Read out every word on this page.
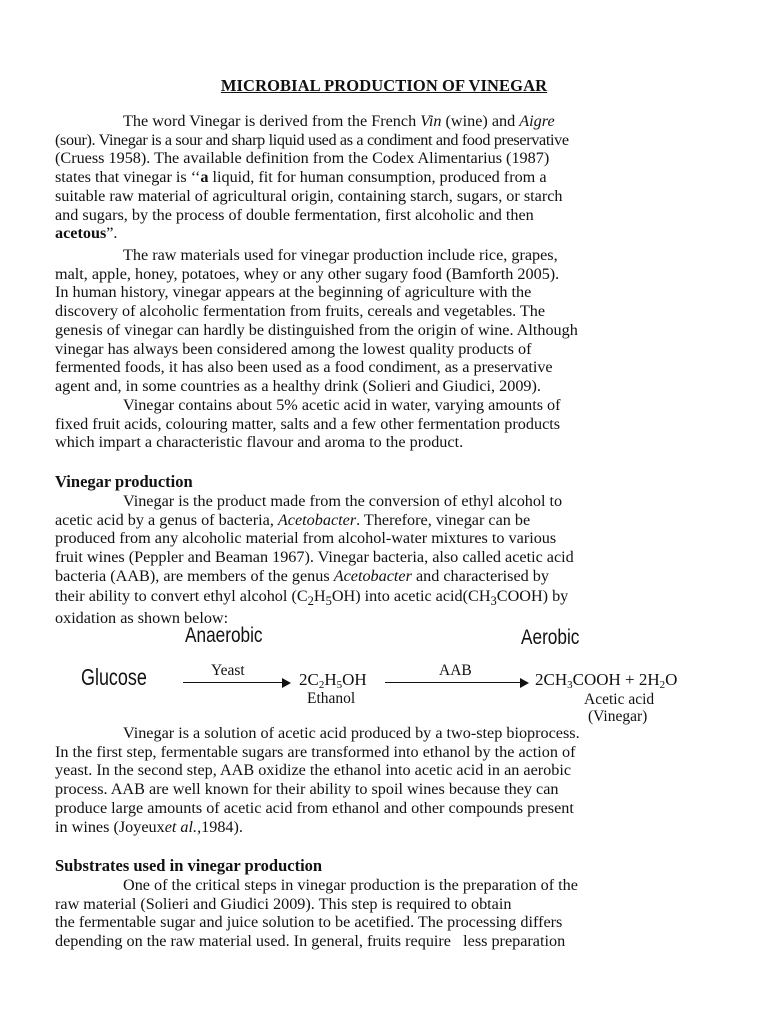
MICROBIAL PRODUCTION OF VINEGAR
The word Vinegar is derived from the French Vin (wine) and Aigre
(sour). Vinegar is a sour and sharp liquid used as a condiment and food preservative
(Cruess 1958). The available definition from the Codex Alimentarius (1987)
states that vinegar is ‘‘a liquid, fit for human consumption, produced from a
suitable raw material of agricultural origin, containing starch, sugars, or starch
and sugars, by the process of double fermentation, first alcoholic and then
acetous”.
The raw materials used for vinegar production include rice, grapes,
malt, apple, honey, potatoes, whey or any other sugary food (Bamforth 2005).
In human history, vinegar appears at the beginning of agriculture with the
discovery of alcoholic fermentation from fruits, cereals and vegetables. The
genesis of vinegar can hardly be distinguished from the origin of wine. Although
vinegar has always been considered among the lowest quality products of
fermented foods, it has also been used as a food condiment, as a preservative
agent and, in some countries as a healthy drink (Solieri and Giudici, 2009).
Vinegar contains about 5% acetic acid in water, varying amounts of
fixed fruit acids, colouring matter, salts and a few other fermentation products
which impart a characteristic flavour and aroma to the product.
Vinegar production
Vinegar is the product made from the conversion of ethyl alcohol to
acetic acid by a genus of bacteria, Acetobacter. Therefore, vinegar can be
produced from any alcoholic material from alcohol-water mixtures to various
fruit wines (Peppler and Beaman 1967). Vinegar bacteria, also called acetic acid
bacteria (AAB), are members of the genus Acetobacter and characterised by
their ability to convert ethyl alcohol $(C_2H_5OH)$ into acetic $acid(CH_3COOH)$ by
oxidation as shown below:
Anaerobic	Aerobic
Glucose	Yeast	$2C_2H_5OH$
Ethanol
AAB	$2CH_3COOH + 2H_2O$
Acetic acid
(Vinegar)
Vinegar is a solution of acetic acid produced by a two-step bioprocess.
In the first step, fermentable sugars are transformed into ethanol by the action of
yeast. In the second step, AAB oxidize the ethanol into acetic acid in an aerobic
process. AAB are well known for their ability to spoil wines because they can
produce large amounts of acetic acid from ethanol and other compounds present
in wines (Joyeuxet al.,1984).
Substrates used in vinegar production
One of the critical steps in vinegar production is the preparation of the
raw material (Solieri and Giudici 2009). This step is required to obtain
the fermentable sugar and juice solution to be acetified. The processing differs
depending on the raw material used. In general, fruits require   less preparation
